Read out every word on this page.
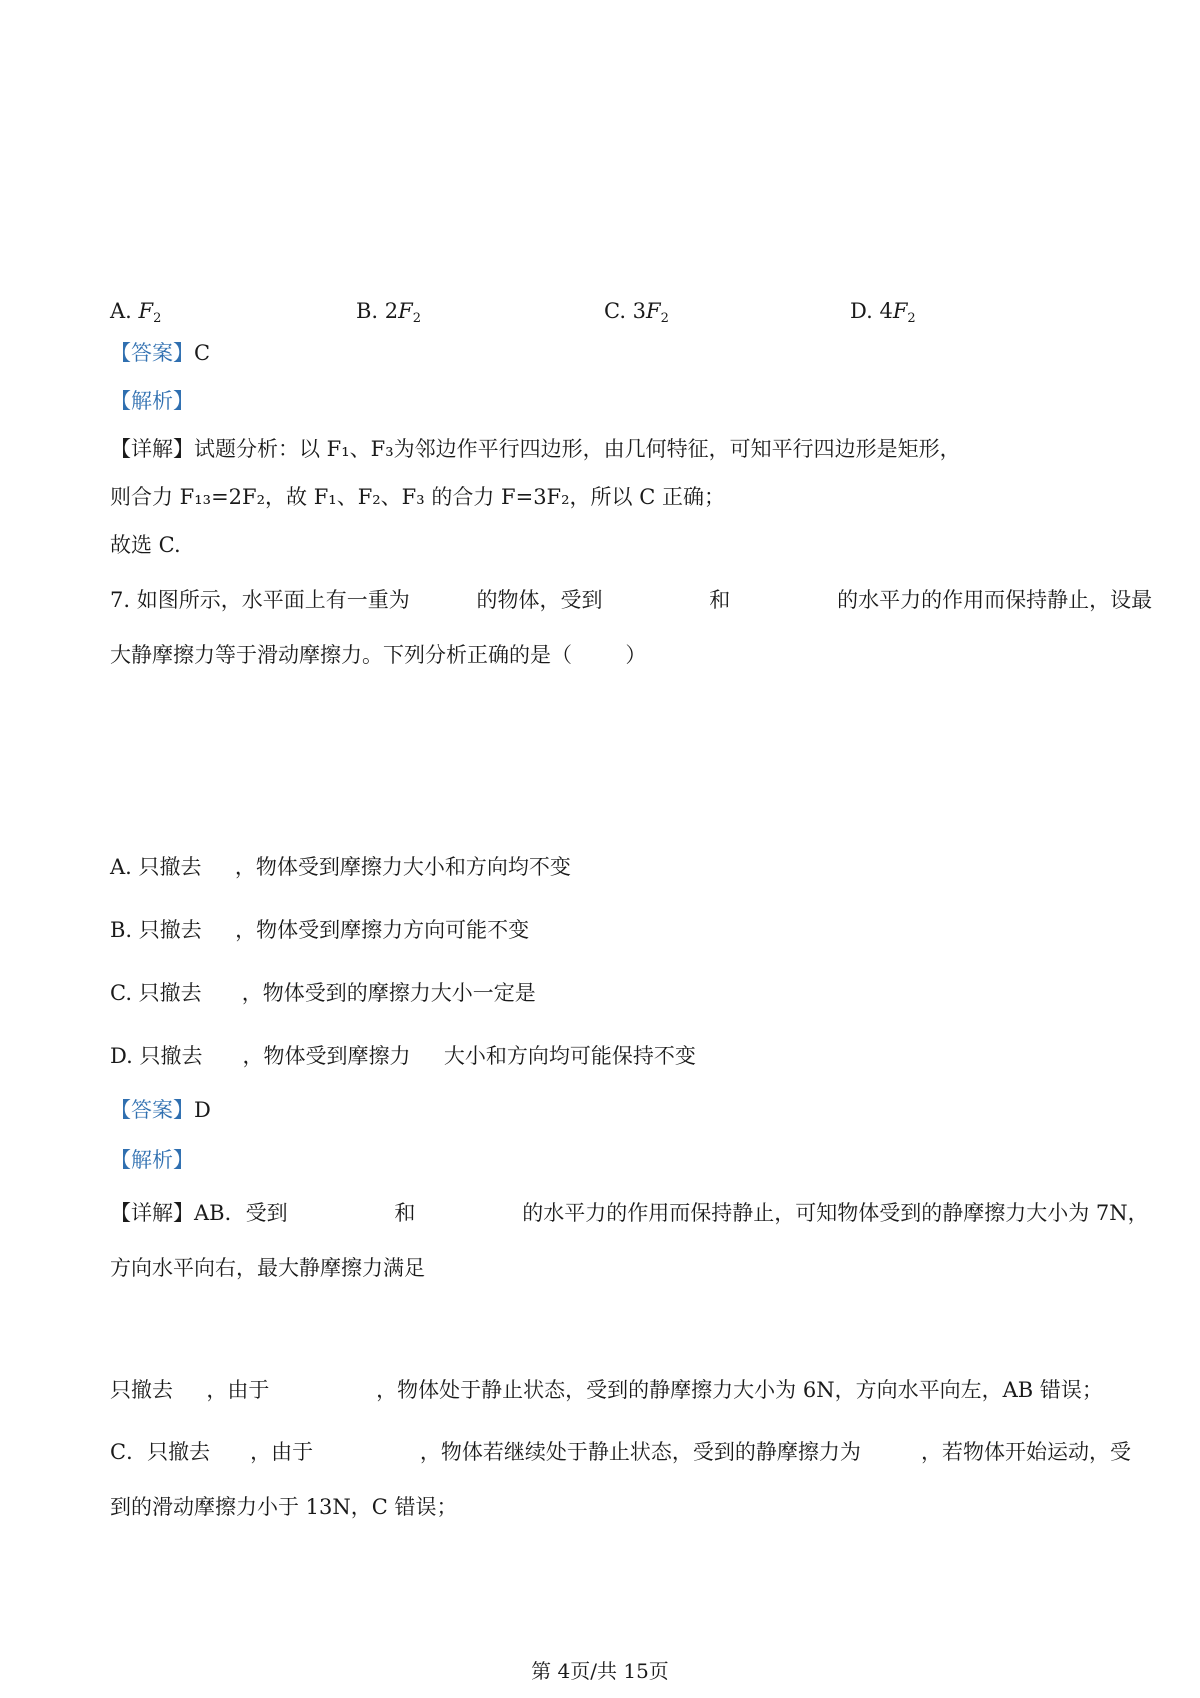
A. $F_2$	B. $2F_2$	C. $3F_2$	D. $4F_2$
【答案】C
【解析】
【详解】试题分析：以 F₁、F₃为邻边作平行四边形，由几何特征，可知平行四边形是矩形，
则合力 F₁₃=2F₂，故 F₁、F₂、F₃ 的合力 F=3F₂，所以 C 正确；
故选 C.
7. 如图所示，水平面上有一重为          的物体，受到                和                的水平力的作用而保持静止，设最
大静摩擦力等于滑动摩擦力。下列分析正确的是（        ）
A. 只撤去     ，物体受到摩擦力大小和方向均不变
B. 只撤去     ，物体受到摩擦力方向可能不变
C. 只撤去      ，物体受到的摩擦力大小一定是
D. 只撤去      ，物体受到摩擦力     大小和方向均可能保持不变
【答案】D
【解析】
【详解】AB．受到                和                的水平力的作用而保持静止，可知物体受到的静摩擦力大小为 7N，
方向水平向右，最大静摩擦力满足
只撤去     ，由于                ，物体处于静止状态，受到的静摩擦力大小为 6N，方向水平向左，AB 错误；
C．只撤去      ，由于                ，物体若继续处于静止状态，受到的静摩擦力为         ，若物体开始运动，受
到的滑动摩擦力小于 13N，C 错误；
第 4页/共 15页
